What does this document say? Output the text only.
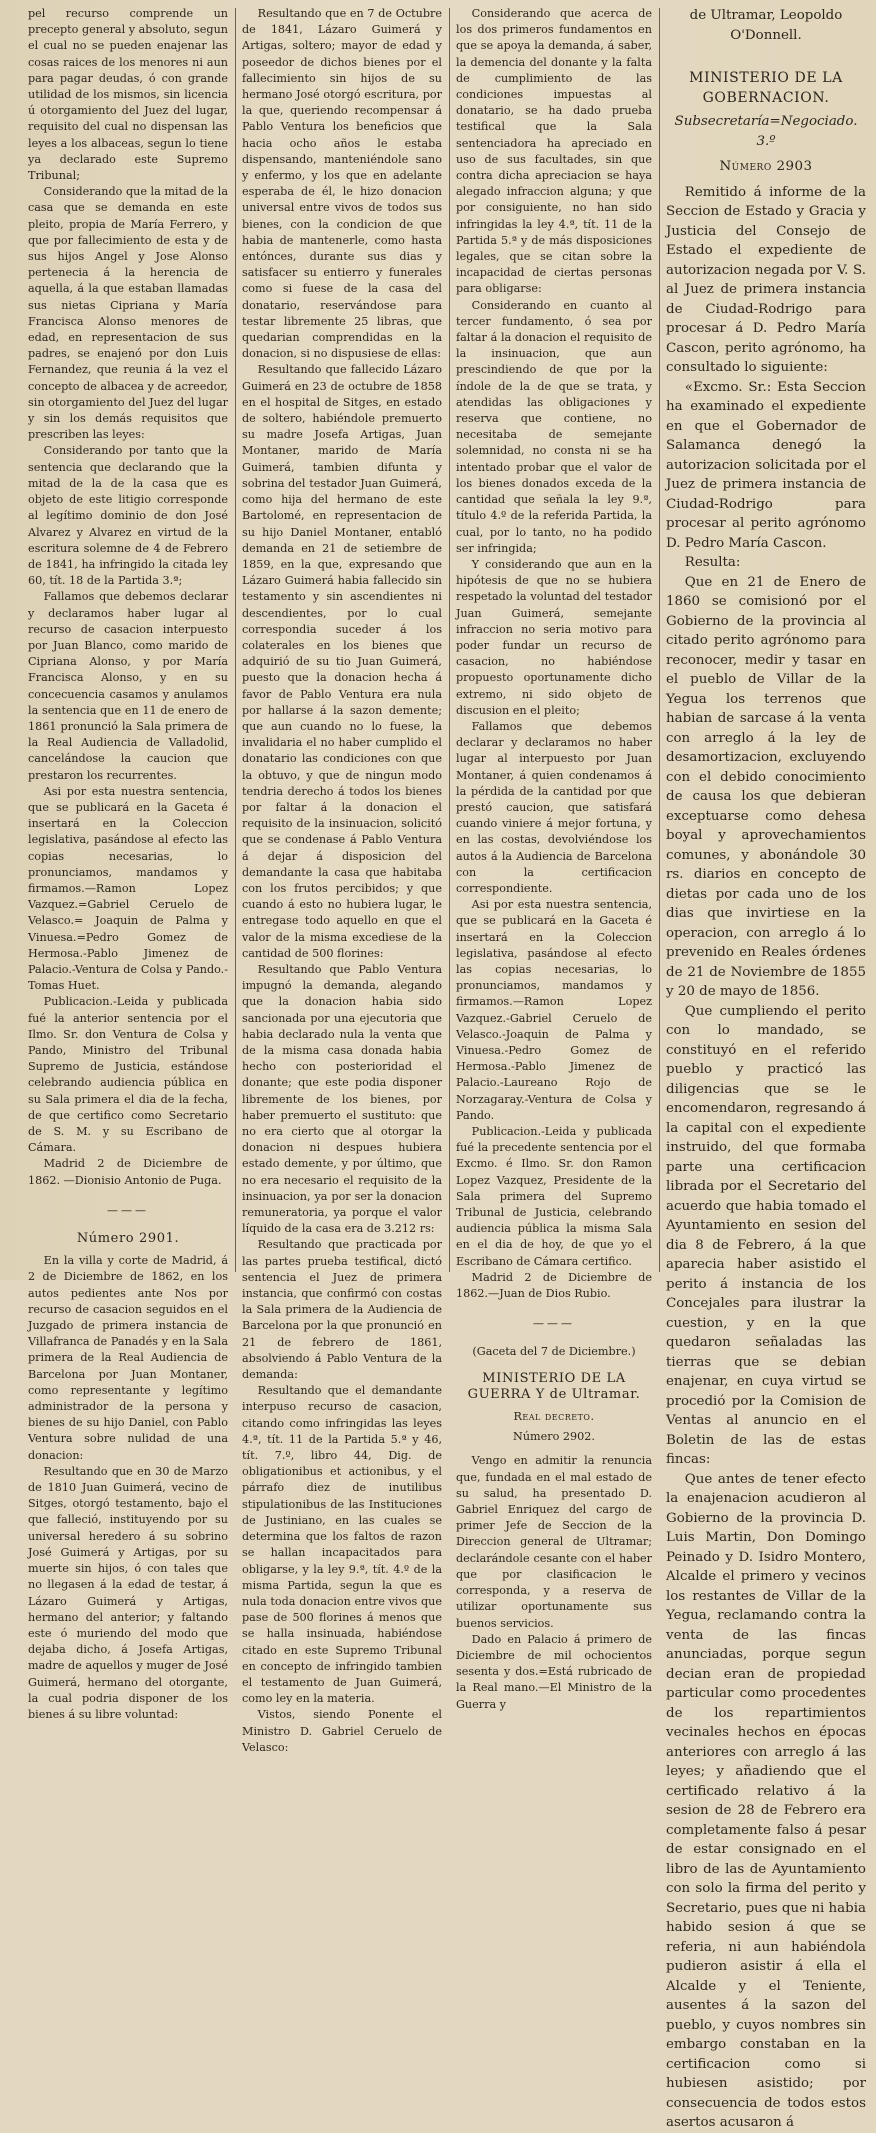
pel recurso comprende un precepto general y absoluto, segun el cual no se pueden enajenar las cosas raices de los menores ni aun para pagar deudas, ó con grande utilidad de los mismos, sin licencia ú otorgamiento del Juez del lugar, requisito del cual no dispensan las leyes a los albaceas, segun lo tiene ya declarado este Supremo Tribunal;

Considerando que la mitad de la casa que se demanda en este pleito, propia de María Ferrero, y que por fallecimiento de esta y de sus hijos Angel y Jose Alonso pertenecia á la herencia de aquella, á la que estaban llamadas sus nietas Cipriana y María Francisca Alonso menores de edad, en representacion de sus padres, se enajenó por don Luis Fernandez, que reunia á la vez el concepto de albacea y de acreedor, sin otorgamiento del Juez del lugar y sin los demás requisitos que prescriben las leyes:

Considerando por tanto que la sentencia que declarando que la mitad de la de la casa que es objeto de este litigio corresponde al legítimo dominio de don José Alvarez y Alvarez en virtud de la escritura solemne de 4 de Febrero de 1841, ha infringido la citada ley 60, tít. 18 de la Partida 3.ª;

Fallamos que debemos declarar y declaramos haber lugar al recurso de casacion interpuesto por Juan Blanco, como marido de Cipriana Alonso, y por María Francisca Alonso, y en su concecuencia casamos y anulamos la sentencia que en 11 de enero de 1861 pronunció la Sala primera de la Real Audiencia de Valladolid, cancelándose la caucion que prestaron los recurrentes.

Asi por esta nuestra sentencia, que se publicará en la Gaceta é insertará en la Coleccion legislativa, pasándose al efecto las copias necesarias, lo pronunciamos, mandamos y firmamos.—Ramon Lopez Vazquez.=Gabriel Ceruelo de Velasco.= Joaquin de Palma y Vinuesa.=Pedro Gomez de Hermosa.-Pablo Jimenez de Palacio.-Ventura de Colsa y Pando.-Tomas Huet.

Publicacion.-Leida y publicada fué la anterior sentencia por el Ilmo. Sr. don Ventura de Colsa y Pando, Ministro del Tribunal Supremo de Justicia, estándose celebrando audiencia pública en su Sala primera el dia de la fecha, de que certifico como Secretario de S. M. y su Escribano de Cámara.

Madrid 2 de Diciembre de 1862. —Dionisio Antonio de Puga.

———
Número 2901.

En la villa y corte de Madrid, á 2 de Diciembre de 1862, en los autos pedientes ante Nos por recurso de casacion seguidos en el Juzgado de primera instancia de Villafranca de Panadés y en la Sala primera de la Real Audiencia de Barcelona por Juan Montaner, como representante y legítimo administrador de la persona y bienes de su hijo Daniel, con Pablo Ventura sobre nulidad de una donacion:

Resultando que en 30 de Marzo de 1810 Juan Guimerá, vecino de Sitges, otorgó testamento, bajo el que falleció, instituyendo por su universal heredero á su sobrino José Guimerá y Artigas, por su muerte sin hijos, ó con tales que no llegasen á la edad de testar, á Lázaro Guimerá y Artigas, hermano del anterior; y faltando este ó muriendo del modo que dejaba dicho, á Josefa Artigas, madre de aquellos y muger de José Guimerá, hermano del otorgante, la cual podria disponer de los bienes á su libre voluntad:

Resultando que en 7 de Octubre de 1841, Lázaro Guimerá y Artigas, soltero; mayor de edad y poseedor de dichos bienes por el fallecimiento sin hijos de su hermano José otorgó escritura, por la que, queriendo recompensar á Pablo Ventura los beneficios que hacia ocho años le estaba dispensando, manteniéndole sano y enfermo, y los que en adelante esperaba de él, le hizo donacion universal entre vivos de todos sus bienes, con la condicion de que habia de mantenerle, como hasta entónces, durante sus dias y satisfacer su entierro y funerales como si fuese de la casa del donatario, reservándose para testar libremente 25 libras, que quedarian comprendidas en la donacion, si no dispusiese de ellas:

Resultando que fallecido Lázaro Guimerá en 23 de octubre de 1858 en el hospital de Sitges, en estado de soltero, habiéndole premuerto su madre Josefa Artigas, Juan Montaner, marido de María Guimerá, tambien difunta y sobrina del testador Juan Guimerá, como hija del hermano de este Bartolomé, en representacion de su hijo Daniel Montaner, entabló demanda en 21 de setiembre de 1859, en la que, expresando que Lázaro Guimerá habia fallecido sin testamento y sin ascendientes ni descendientes, por lo cual correspondia suceder á los colaterales en los bienes que adquirió de su tio Juan Guimerá, puesto que la donacion hecha á favor de Pablo Ventura era nula por hallarse á la sazon demente; que aun cuando no lo fuese, la invalidaria el no haber cumplido el donatario las condiciones con que la obtuvo, y que de ningun modo tendria derecho á todos los bienes por faltar á la donacion el requisito de la insinuacion, solicitó que se condenase á Pablo Ventura á dejar á disposicion del demandante la casa que habitaba con los frutos percibidos; y que cuando á esto no hubiera lugar, le entregase todo aquello en que el valor de la misma excediese de la cantidad de 500 florines:

Resultando que Pablo Ventura impugnó la demanda, alegando que la donacion habia sido sancionada por una ejecutoria que habia declarado nula la venta que de la misma casa donada habia hecho con posterioridad el donante; que este podia disponer libremente de los bienes, por haber premuerto el sustituto: que no era cierto que al otorgar la donacion ni despues hubiera estado demente, y por último, que no era necesario el requisito de la insinuacion, ya por ser la donacion remuneratoria, ya porque el valor líquido de la casa era de 3.212 rs:

Resultando que practicada por las partes prueba testifical, dictó sentencia el Juez de primera instancia, que confirmó con costas la Sala primera de la Audiencia de Barcelona por la que pronunció en 21 de febrero de 1861, absolviendo á Pablo Ventura de la demanda:

Resultando que el demandante interpuso recurso de casacion, citando como infringidas las leyes 4.ª, tít. 11 de la Partida 5.ª y 46, tít. 7.º, libro 44, Dig. de obligationibus et actionibus, y el párrafo diez de inutilibus stipulationibus de las Instituciones de Justiniano, en las cuales se determina que los faltos de razon se hallan incapacitados para obligarse, y la ley 9.ª, tít. 4.º de la misma Partida, segun la que es nula toda donacion entre vivos que pase de 500 florines á menos que se halla insinuada, habiéndose citado en este Supremo Tribunal en concepto de infringido tambien el testamento de Juan Guimerá, como ley en la materia.

Vistos, siendo Ponente el Ministro D. Gabriel Ceruelo de Velasco:

Considerando que acerca de los dos primeros fundamentos en que se apoya la demanda, á saber, la demencia del donante y la falta de cumplimiento de las condiciones impuestas al donatario, se ha dado prueba testifical que la Sala sentenciadora ha apreciado en uso de sus facultades, sin que contra dicha apreciacion se haya alegado infraccion alguna; y que por consiguiente, no han sido infringidas la ley 4.ª, tít. 11 de la Partida 5.ª y de más disposiciones legales, que se citan sobre la incapacidad de ciertas personas para obligarse:

Considerando en cuanto al tercer fundamento, ó sea por faltar á la donacion el requisito de la insinuacion, que aun prescindiendo de que por la índole de la de que se trata, y atendidas las obligaciones y reserva que contiene, no necesitaba de semejante solemnidad, no consta ni se ha intentado probar que el valor de los bienes donados exceda de la cantidad que señala la ley 9.ª, título 4.º de la referida Partida, la cual, por lo tanto, no ha podido ser infringida;

Y considerando que aun en la hipótesis de que no se hubiera respetado la voluntad del testador Juan Guimerá, semejante infraccion no seria motivo para poder fundar un recurso de casacion, no habiéndose propuesto oportunamente dicho extremo, ni sido objeto de discusion en el pleito;

Fallamos que debemos declarar y declaramos no haber lugar al interpuesto por Juan Montaner, á quien condenamos á la pérdida de la cantidad por que prestó caucion, que satisfará cuando viniere á mejor fortuna, y en las costas, devolviéndose los autos á la Audiencia de Barcelona con la certificacion correspondiente.

Asi por esta nuestra sentencia, que se publicará en la Gaceta é insertará en la Coleccion legislativa, pasándose al efecto las copias necesarias, lo pronunciamos, mandamos y firmamos.—Ramon Lopez Vazquez.-Gabriel Ceruelo de Velasco.-Joaquin de Palma y Vinuesa.-Pedro Gomez de Hermosa.-Pablo Jimenez de Palacio.-Laureano Rojo de Norzagaray.-Ventura de Colsa y Pando.

Publicacion.-Leida y publicada fué la precedente sentencia por el Excmo. é Ilmo. Sr. don Ramon Lopez Vazquez, Presidente de la Sala primera del Supremo Tribunal de Justicia, celebrando audiencia pública la misma Sala en el dia de hoy, de que yo el Escribano de Cámara certifico.

Madrid 2 de Diciembre de 1862.—Juan de Dios Rubio.

———
(Gaceta del 7 de Diciembre.)
MINISTERIO DE LA GUERRA Y de Ultramar.
Real decreto.
Número 2902.

Vengo en admitir la renuncia que, fundada en el mal estado de su salud, ha presentado D. Gabriel Enriquez del cargo de primer Jefe de Seccion de la Direccion general de Ultramar; declarándole cesante con el haber que por clasificacion le corresponda, y a reserva de utilizar oportunamente sus buenos servicios.

Dado en Palacio á primero de Diciembre de mil ochocientos sesenta y dos.=Está rubricado de la Real mano.—El Ministro de la Guerra y

de Ultramar, Leopoldo O'Donnell.

MINISTERIO DE LA GOBERNACION.
Subsecretaría=Negociado. 3.º
Número 2903

Remitido á informe de la Seccion de Estado y Gracia y Justicia del Consejo de Estado el expediente de autorizacion negada por V. S. al Juez de primera instancia de Ciudad-Rodrigo para procesar á D. Pedro María Cascon, perito agrónomo, ha consultado lo siguiente:

«Excmo. Sr.: Esta Seccion ha examinado el expediente en que el Gobernador de Salamanca denegó la autorizacion solicitada por el Juez de primera instancia de Ciudad-Rodrigo para procesar al perito agrónomo D. Pedro María Cascon.

Resulta:

Que en 21 de Enero de 1860 se comisionó por el Gobierno de la provincia al citado perito agrónomo para reconocer, medir y tasar en el pueblo de Villar de la Yegua los terrenos que habian de sarcase á la venta con arreglo á la ley de desamortizacion, excluyendo con el debido conocimiento de causa los que debieran exceptuarse como dehesa boyal y aprovechamientos comunes, y abonándole 30 rs. diarios en concepto de dietas por cada uno de los dias que invirtiese en la operacion, con arreglo á lo prevenido en Reales órdenes de 21 de Noviembre de 1855 y 20 de mayo de 1856.

Que cumpliendo el perito con lo mandado, se constituyó en el referido pueblo y practicó las diligencias que se le encomendaron, regresando á la capital con el expediente instruido, del que formaba parte una certificacion librada por el Secretario del acuerdo que habia tomado el Ayuntamiento en sesion del dia 8 de Febrero, á la que aparecia haber asistido el perito á instancia de los Concejales para ilustrar la cuestion, y en la que quedaron señaladas las tierras que se debian enajenar, en cuya virtud se procedió por la Comision de Ventas al anuncio en el Boletin de las de estas fincas:

Que antes de tener efecto la enajenacion acudieron al Gobierno de la provincia D. Luis Martin, Don Domingo Peinado y D. Isidro Montero, Alcalde el primero y vecinos los restantes de Villar de la Yegua, reclamando contra la venta de las fincas anunciadas, porque segun decian eran de propiedad particular como procedentes de los repartimientos vecinales hechos en épocas anteriores con arreglo á las leyes; y añadiendo que el certificado relativo á la sesion de 28 de Febrero era completamente falso á pesar de estar consignado en el libro de las de Ayuntamiento con solo la firma del perito y Secretario, pues que ni habia habido sesion á que se referia, ni aun habiéndola pudieron asistir á ella el Alcalde y el Teniente, ausentes á la sazon del pueblo, y cuyos nombres sin embargo constaban en la certificacion como si hubiesen asistido; por consecuencia de todos estos asertos acusaron á
